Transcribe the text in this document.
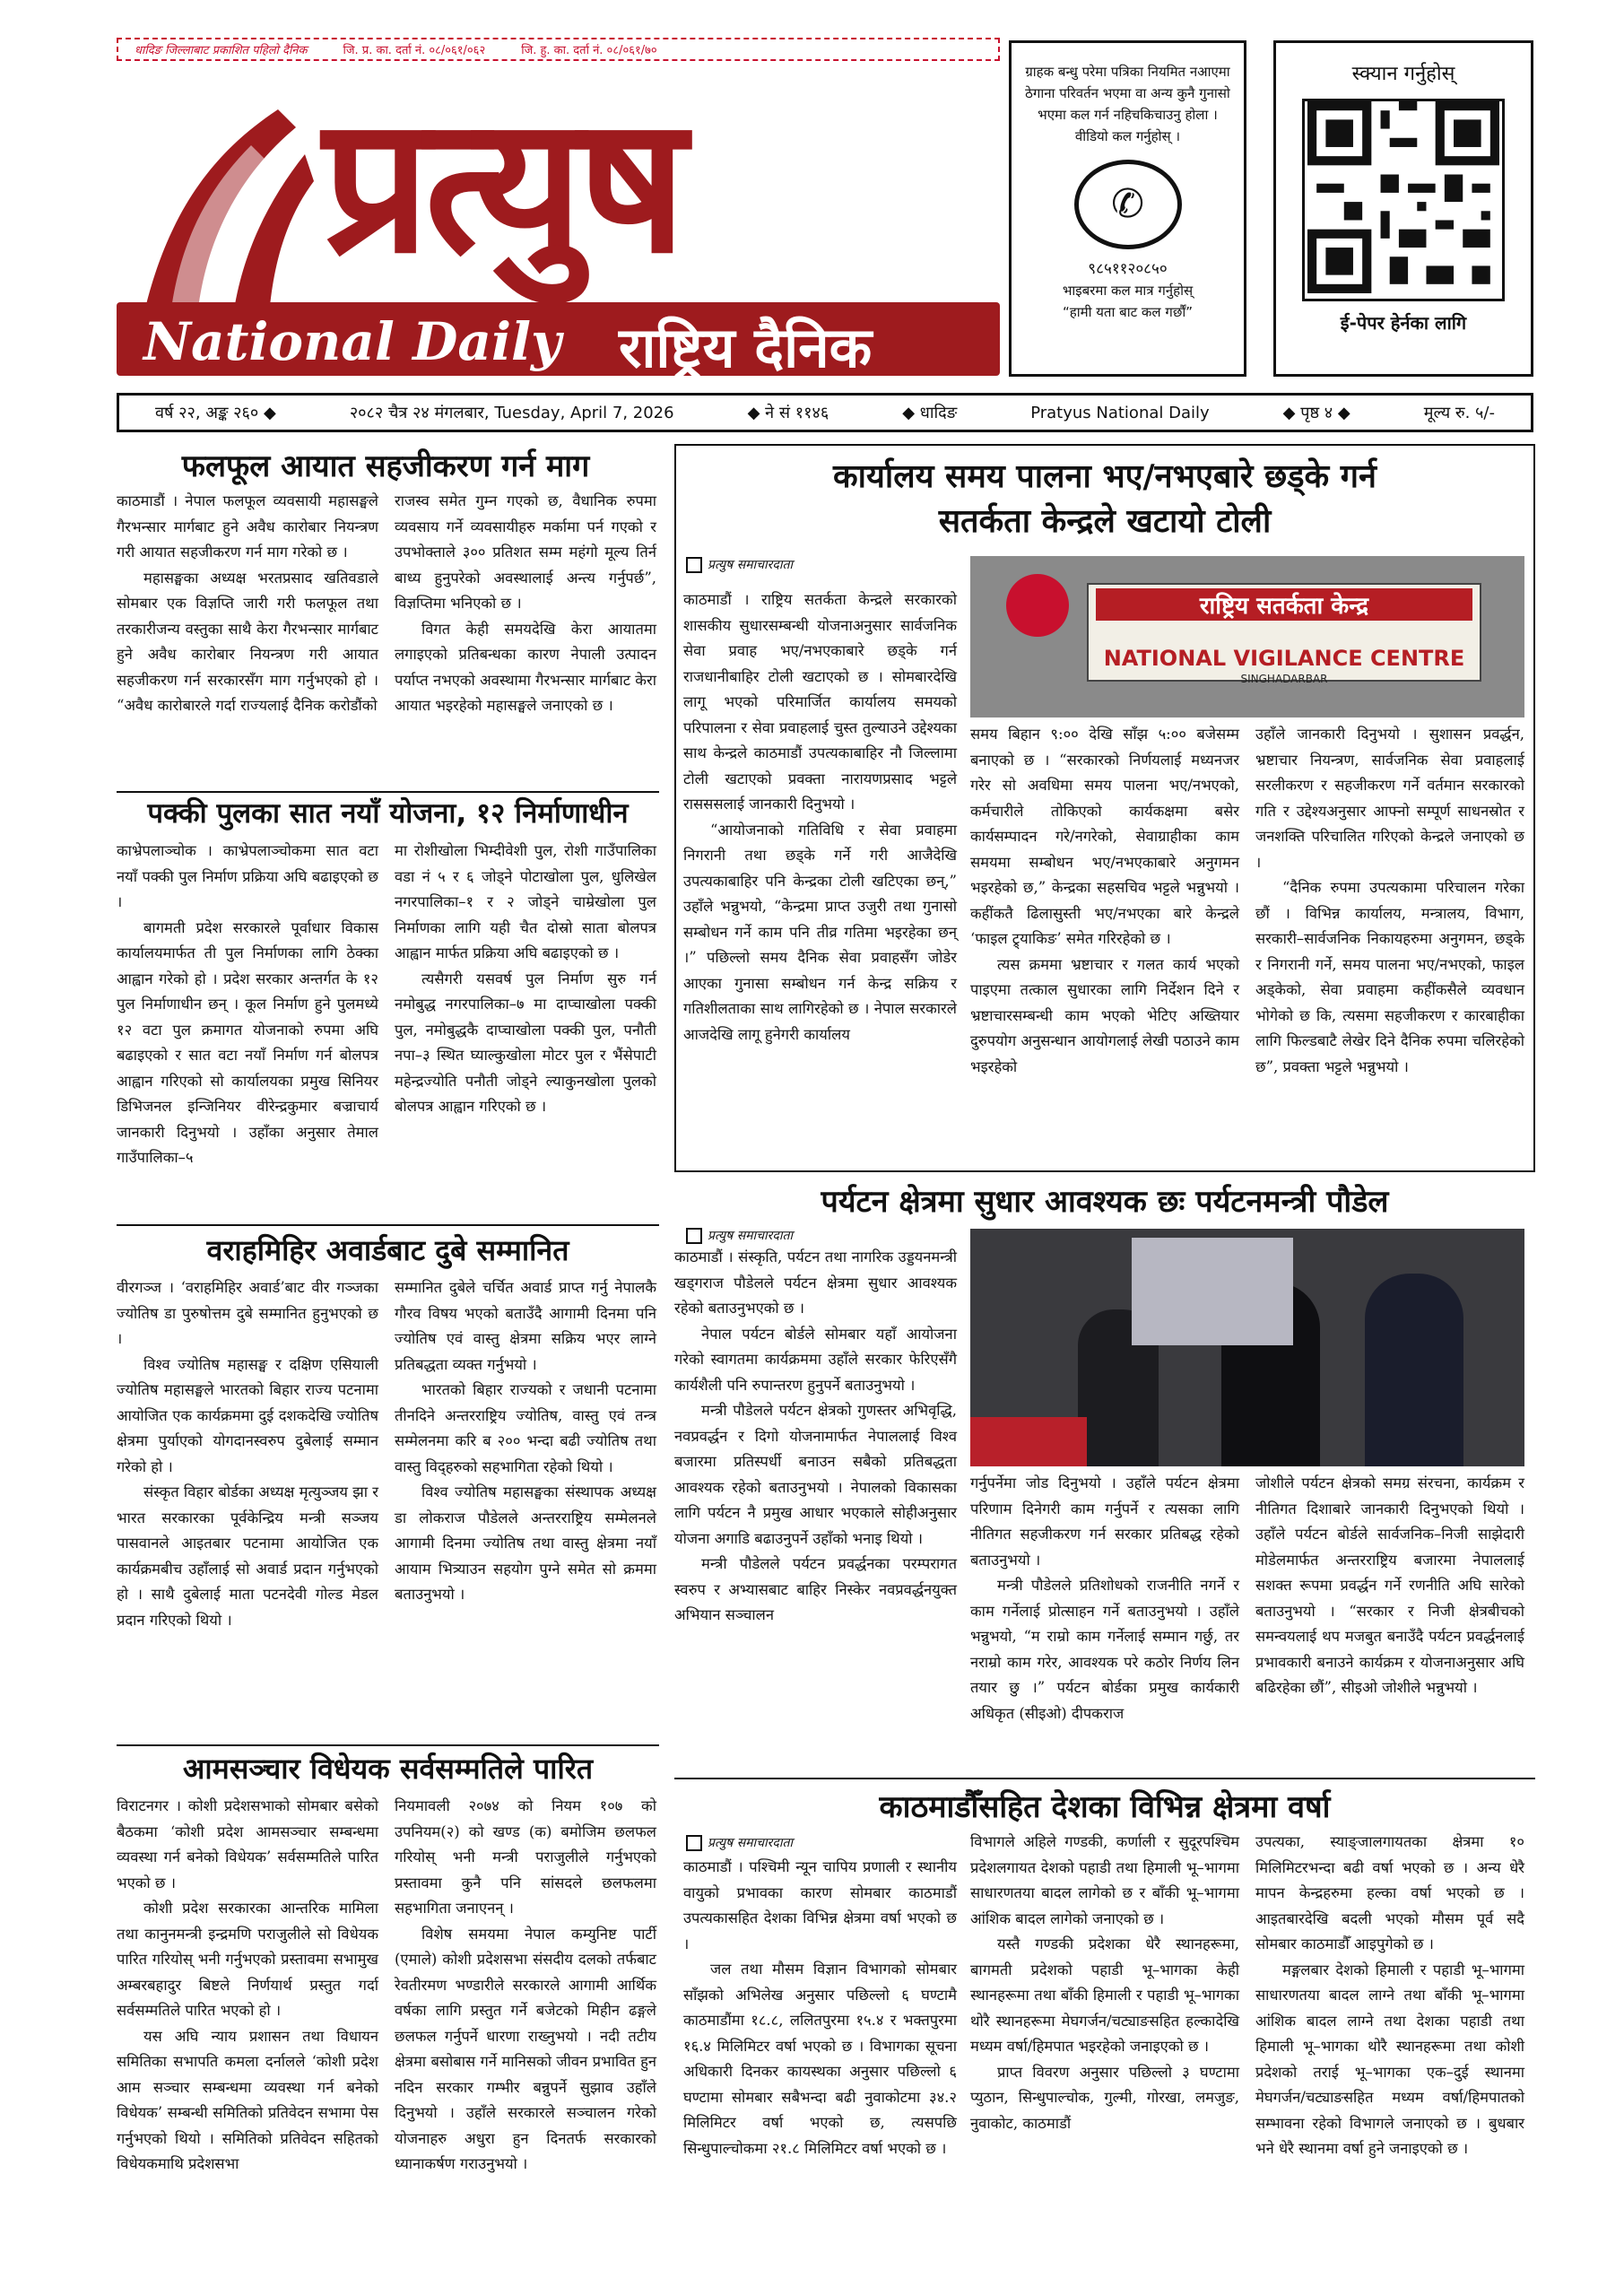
धादिङ जिल्लाबाट प्रकाशित पहिलो दैनिक	जि. प्र. का. दर्ता नं. ०८/०६१/०६२	जि. हु. का. दर्ता नं. ०८/०६१/७०
प्रत्युष
National Daily राष्ट्रिय दैनिक
ग्राहक बन्धु परेमा पत्रिका नियमित नआएमा ठेगाना परिवर्तन भएमा वा अन्य कुनै गुनासो भएमा कल गर्न नहिचकिचाउनु होला । वीडियो कल गर्नुहोस् ।
✆
९८५११२०८५०
भाइबरमा कल मात्र गर्नुहोस्
“हामी यता बाट कल गर्छौं”
स्क्यान गर्नुहोस्
ई-पेपर हेर्नका लागि
वर्ष २२, अङ्क २६० ◆	२०८२ चैत्र २४ मंगलबार, Tuesday, April 7, 2026	◆ ने सं ११४६	◆ धादिङ	Pratyus National Daily	◆ पृष्ठ ४ ◆	मूल्य रु. ५/-
फलफूल आयात सहजीकरण गर्न माग

काठमाडौं । नेपाल फलफूल व्यवसायी महासङ्घले गैरभन्सार मार्गबाट हुने अवैध कारोबार नियन्त्रण गरी आयात सहजीकरण गर्न माग गरेको छ ।

महासङ्घका अध्यक्ष भरतप्रसाद खतिवडाले सोमबार एक विज्ञप्ति जारी गरी फलफूल तथा तरकारीजन्य वस्तुका साथै केरा गैरभन्सार मार्गबाट हुने अवैध कारोबार नियन्त्रण गरी आयात सहजीकरण गर्न सरकारसँग माग गर्नुभएको हो । “अवैध कारोबारले गर्दा राज्यलाई दैनिक करोडौंको

राजस्व समेत गुम्न गएको छ, वैधानिक रुपमा व्यवसाय गर्ने व्यवसायीहरु मर्कामा पर्न गएको र उपभोक्ताले ३०० प्रतिशत सम्म महंगो मूल्य तिर्न बाध्य हुनुपरेको अवस्थालाई अन्त्य गर्नुपर्छ”, विज्ञप्तिमा भनिएको छ ।

विगत केही समयदेखि केरा आयातमा लगाइएको प्रतिबन्धका कारण नेपाली उत्पादन पर्याप्त नभएको अवस्थामा गैरभन्सार मार्गबाट केरा आयात भइरहेको महासङ्घले जनाएको छ ।

पक्की पुलका सात नयाँ योजना, १२ निर्माणाधीन

काभ्रेपलाञ्चोक । काभ्रेपलाञ्चोकमा सात वटा नयाँ पक्की पुल निर्माण प्रक्रिया अघि बढाइएको छ ।

बागमती प्रदेश सरकारले पूर्वाधार विकास कार्यालयमार्फत ती पुल निर्माणका लागि ठेक्का आह्वान गरेको हो । प्रदेश सरकार अन्तर्गत के १२ पुल निर्माणाधीन छन् । कूल निर्माण हुने पुलमध्ये १२ वटा पुल क्रमागत योजनाको रुपमा अघि बढाइएको र सात वटा नयाँ निर्माण गर्न बोलपत्र आह्वान गरिएको सो कार्यालयका प्रमुख सिनियर डिभिजनल इन्जिनियर वीरेन्द्रकुमार बज्राचार्य जानकारी दिनुभयो । उहाँका अनुसार तेमाल गाउँपालिका–५

मा रोशीखोला भिम्दीवेशी पुल, रोशी गाउँपालिका वडा नं ५ र ६ जोड्ने पोटाखोला पुल, धुलिखेल नगरपालिका–१ र २ जोड्ने चाम्रेखोला पुल निर्माणका लागि यही चैत दोस्रो साता बोलपत्र आह्वान मार्फत प्रक्रिया अघि बढाइएको छ ।

त्यसैगरी यसवर्ष पुल निर्माण सुरु गर्न नमोबुद्ध नगरपालिका–७ मा दाप्चाखोला पक्की पुल, नमोबुद्धकै दाप्चाखोला पक्की पुल, पनौती नपा–३ स्थित घ्याल्कुखोला मोटर पुल र भैंसेपाटी महेन्द्रज्योति पनौती जोड्ने ल्याकुनखोला पुलको बोलपत्र आह्वान गरिएको छ ।

वराहमिहिर अवार्डबाट दुबे सम्मानित

वीरगञ्ज । ‘वराहमिहिर अवार्ड’बाट वीर गञ्जका ज्योतिष डा पुरुषोत्तम दुबे सम्मानित हुनुभएको छ ।

विश्व ज्योतिष महासङ्घ र दक्षिण एसियाली ज्योतिष महासङ्घले भारतको बिहार राज्य पटनामा आयोजित एक कार्यक्रममा दुई दशकदेखि ज्योतिष क्षेत्रमा पुर्याएको योगदानस्वरुप दुबेलाई सम्मान गरेको हो ।

संस्कृत विहार बोर्डका अध्यक्ष मृत्युञ्जय झा र भारत सरकारका पूर्वकेन्द्रिय मन्त्री सञ्जय पासवानले आइतबार पटनामा आयोजित एक कार्यक्रमबीच उहाँलाई सो अवार्ड प्रदान गर्नुभएको हो । साथै दुबेलाई माता पटनदेवी गोल्ड मेडल प्रदान गरिएको थियो ।

सम्मानित दुबेले चर्चित अवार्ड प्राप्त गर्नु नेपालकै गौरव विषय भएको बताउँदै आगामी दिनमा पनि ज्योतिष एवं वास्तु क्षेत्रमा सक्रिय भएर लाग्ने प्रतिबद्धता व्यक्त गर्नुभयो ।

भारतको बिहार राज्यको र जधानी पटनामा तीनदिने अन्तरराष्ट्रिय ज्योतिष, वास्तु एवं तन्त्र सम्मेलनमा करि ब २०० भन्दा बढी ज्योतिष तथा वास्तु विद्हरुको सहभागिता रहेको थियो ।

विश्व ज्योतिष महासङ्घका संस्थापक अध्यक्ष डा लोकराज पौडेलले अन्तरराष्ट्रिय सम्मेलनले आगामी दिनमा ज्योतिष तथा वास्तु क्षेत्रमा नयाँ आयाम भित्र्याउन सहयोग पुग्ने समेत सो क्रममा बताउनुभयो ।

आमसञ्चार विधेयक सर्वसम्मतिले पारित

विराटनगर । कोशी प्रदेशसभाको सोमबार बसेको बैठकमा ‘कोशी प्रदेश आमसञ्चार सम्बन्धमा व्यवस्था गर्न बनेको विधेयक’ सर्वसम्मतिले पारित भएको छ ।

कोशी प्रदेश सरकारका आन्तरिक मामिला तथा कानुनमन्त्री इन्द्रमणि पराजुलीले सो विधेयक पारित गरियोस् भनी गर्नुभएको प्रस्तावमा सभामुख अम्बरबहादुर बिष्टले निर्णयार्थ प्रस्तुत गर्दा सर्वसम्मतिले पारित भएको हो ।

यस अघि न्याय प्रशासन तथा विधायन समितिका सभापति कमला दर्नालले ‘कोशी प्रदेश आम सञ्चार सम्बन्धमा व्यवस्था गर्न बनेको विधेयक’ सम्बन्धी समितिको प्रतिवेदन सभामा पेस गर्नुभएको थियो । समितिको प्रतिवेदन सहितको विधेयकमाथि प्रदेशसभा

नियमावली २०७४ को नियम १०७ को उपनियम(२) को खण्ड (क) बमोजिम छलफल गरियोस् भनी मन्त्री पराजुलीले गर्नुभएको प्रस्तावमा कुनै पनि सांसदले छलफलमा सहभागिता जनाएनन् ।

विशेष समयमा नेपाल कम्युनिष्ट पार्टी (एमाले) कोशी प्रदेशसभा संसदीय दलको तर्फबाट रेवतीरमण भण्डारीले सरकारले आगामी आर्थिक वर्षका लागि प्रस्तुत गर्ने बजेटको मिहीन ढङ्गले छलफल गर्नुपर्ने धारणा राख्नुभयो । नदी तटीय क्षेत्रमा बसोबास गर्ने मानिसको जीवन प्रभावित हुन नदिन सरकार गम्भीर बन्नुपर्ने सुझाव उहाँले दिनुभयो । उहाँले सरकारले सञ्चालन गरेको योजनाहरु अधुरा हुन दिनतर्फ सरकारको ध्यानाकर्षण गराउनुभयो ।

कार्यालय समय पालना भए/नभएबारे छड्के गर्न
सतर्कता केन्द्रले खटायो टोली
प्रत्युष समाचारदाता
राष्ट्रिय सतर्कता केन्द्र
NATIONAL VIGILANCE CENTRE
SINGHADARBAR

काठमाडौं । राष्ट्रिय सतर्कता केन्द्रले सरकारको शासकीय सुधारसम्बन्धी योजनाअनुसार सार्वजनिक सेवा प्रवाह भए/नभएकाबारे छड्के गर्न राजधानीबाहिर टोली खटाएको छ । सोमबारदेखि लागू भएको परिमार्जित कार्यालय समयको परिपालना र सेवा प्रवाहलाई चुस्त तुल्याउने उद्देश्यका साथ केन्द्रले काठमाडौं उपत्यकाबाहिर नौ जिल्लामा टोली खटाएको प्रवक्ता नारायणप्रसाद भट्टले रासससलाई जानकारी दिनुभयो ।

“आयोजनाको गतिविधि र सेवा प्रवाहमा निगरानी तथा छड्के गर्ने गरी आजैदेखि उपत्यकाबाहिर पनि केन्द्रका टोली खटिएका छन्,” उहाँले भन्नुभयो, “केन्द्रमा प्राप्त उजुरी तथा गुनासो सम्बोधन गर्ने काम पनि तीव्र गतिमा भइरहेका छन् ।” पछिल्लो समय दैनिक सेवा प्रवाहसँग जोडेर आएका गुनासा सम्बोधन गर्न केन्द्र सक्रिय र गतिशीलताका साथ लागिरहेको छ । नेपाल सरकारले आजदेखि लागू हुनेगरी कार्यालय

समय बिहान ९:०० देखि साँझ ५:०० बजेसम्म बनाएको छ । “सरकारको निर्णयलाई मध्यनजर गरेर सो अवधिमा समय पालना भए/नभएको, कर्मचारीले तोकिएको कार्यकक्षमा बसेर कार्यसम्पादन गरे/नगरेको, सेवाग्राहीका काम समयमा सम्बोधन भए/नभएकाबारे अनुगमन भइरहेको छ,” केन्द्रका सहसचिव भट्टले भन्नुभयो । कहींकतै ढिलासुस्ती भए/नभएका बारे केन्द्रले ‘फाइल ट्र्याकिङ’ समेत गरिरहेको छ ।

त्यस क्रममा भ्रष्टाचार र गलत कार्य भएको पाइएमा तत्काल सुधारका लागि निर्देशन दिने र भ्रष्टाचारसम्बन्धी काम भएको भेटिए अख्तियार दुरुपयोग अनुसन्धान आयोगलाई लेखी पठाउने काम भइरहेको

उहाँले जानकारी दिनुभयो । सुशासन प्रवर्द्धन, भ्रष्टाचार नियन्त्रण, सार्वजनिक सेवा प्रवाहलाई सरलीकरण र सहजीकरण गर्ने वर्तमान सरकारको गति र उद्देश्यअनुसार आफ्नो सम्पूर्ण साधनस्रोत र जनशक्ति परिचालित गरिएको केन्द्रले जनाएको छ ।

“दैनिक रुपमा उपत्यकामा परिचालन गरेका छौं । विभिन्न कार्यालय, मन्त्रालय, विभाग, सरकारी–सार्वजनिक निकायहरुमा अनुगमन, छड्के र निगरानी गर्ने, समय पालना भए/नभएको, फाइल अड्केको, सेवा प्रवाहमा कहींकसैले व्यवधान भोगेको छ कि, त्यसमा सहजीकरण र कारबाहीका लागि फिल्डबाटै लेखेर दिने दैनिक रुपमा चलिरहेको छ”, प्रवक्ता भट्टले भन्नुभयो ।

पर्यटन क्षेत्रमा सुधार आवश्यक छः पर्यटनमन्त्री पौडेल
प्रत्युष समाचारदाता

काठमाडौं । संस्कृति, पर्यटन तथा नागरिक उड्डयनमन्त्री खड्गराज पौडेलले पर्यटन क्षेत्रमा सुधार आवश्यक रहेको बताउनुभएको छ ।

नेपाल पर्यटन बोर्डले सोमबार यहाँ आयोजना गरेको स्वागतमा कार्यक्रममा उहाँले सरकार फेरिएसँगै कार्यशैली पनि रुपान्तरण हुनुपर्ने बताउनुभयो ।

मन्त्री पौडेलले पर्यटन क्षेत्रको गुणस्तर अभिवृद्धि, नवप्रवर्द्धन र दिगो योजनामार्फत नेपाललाई विश्व बजारमा प्रतिस्पर्धी बनाउन सबैको प्रतिबद्धता आवश्यक रहेको बताउनुभयो । नेपालको विकासका लागि पर्यटन नै प्रमुख आधार भएकाले सोहीअनुसार योजना अगाडि बढाउनुपर्ने उहाँको भनाइ थियो ।

मन्त्री पौडेलले पर्यटन प्रवर्द्धनका परम्परागत स्वरुप र अभ्यासबाट बाहिर निस्केर नवप्रवर्द्धनयुक्त अभियान सञ्चालन

गर्नुपर्नेमा जोड दिनुभयो । उहाँले पर्यटन क्षेत्रमा परिणाम दिनेगरी काम गर्नुपर्ने र त्यसका लागि नीतिगत सहजीकरण गर्न सरकार प्रतिबद्ध रहेको बताउनुभयो ।

मन्त्री पौडेलले प्रतिशोधको राजनीति नगर्ने र काम गर्नेलाई प्रोत्साहन गर्ने बताउनुभयो । उहाँले भन्नुभयो, “म राम्रो काम गर्नेलाई सम्मान गर्छु, तर नराम्रो काम गरेर, आवश्यक परे कठोर निर्णय लिन तयार छु ।” पर्यटन बोर्डका प्रमुख कार्यकारी अधिकृत (सीइओ) दीपकराज

जोशीले पर्यटन क्षेत्रको समग्र संरचना, कार्यक्रम र नीतिगत दिशाबारे जानकारी दिनुभएको थियो । उहाँले पर्यटन बोर्डले सार्वजनिक–निजी साझेदारी मोडेलमार्फत अन्तरराष्ट्रिय बजारमा नेपाललाई सशक्त रूपमा प्रवर्द्धन गर्ने रणनीति अघि सारेको बताउनुभयो । “सरकार र निजी क्षेत्रबीचको समन्वयलाई थप मजबुत बनाउँदै पर्यटन प्रवर्द्धनलाई प्रभावकारी बनाउने कार्यक्रम र योजनाअनुसार अघि बढिरहेका छौं”, सीइओ जोशीले भन्नुभयो ।

काठमाडौँसहित देशका विभिन्न क्षेत्रमा वर्षा
प्रत्युष समाचारदाता

काठमाडौं । पश्चिमी न्यून चापिय प्रणाली र स्थानीय वायुको प्रभावका कारण सोमबार काठमाडौं उपत्यकासहित देशका विभिन्न क्षेत्रमा वर्षा भएको छ ।

जल तथा मौसम विज्ञान विभागको सोमबार साँझको अभिलेख अनुसार पछिल्लो ६ घण्टामै काठमाडौंमा १८.८, ललितपुरमा १५.४ र भक्तपुरमा १६.४ मिलिमिटर वर्षा भएको छ । विभागका सूचना अधिकारी दिनकर कायस्थका अनुसार पछिल्लो ६ घण्टामा सोमबार सबैभन्दा बढी नुवाकोटमा ३४.२ मिलिमिटर वर्षा भएको छ, त्यसपछि सिन्धुपाल्चोकमा २१.८ मिलिमिटर वर्षा भएको छ ।

विभागले अहिले गण्डकी, कर्णाली र सुदूरपश्चिम प्रदेशलगायत देशको पहाडी तथा हिमाली भू–भागमा साधारणतया बादल लागेको छ र बाँकी भू–भागमा आंशिक बादल लागेको जनाएको छ ।

यस्तै गण्डकी प्रदेशका धेरै स्थानहरूमा, बागमती प्रदेशको पहाडी भू–भागका केही स्थानहरूमा तथा बाँकी हिमाली र पहाडी भू–भागका थोरै स्थानहरूमा मेघगर्जन/चट्याङसहित हल्कादेखि मध्यम वर्षा/हिमपात भइरहेको जनाइएको छ ।

प्राप्त विवरण अनुसार पछिल्लो ३ घण्टामा प्युठान, सिन्धुपाल्चोक, गुल्मी, गोरखा, लमजुङ, नुवाकोट, काठमाडौं

उपत्यका, स्याङ्जालगायतका क्षेत्रमा १० मिलिमिटरभन्दा बढी वर्षा भएको छ । अन्य धेरै मापन केन्द्रहरुमा हल्का वर्षा भएको छ । आइतबारदेखि बदली भएको मौसम पूर्व सदै सोमबार काठमाडौँ आइपुगेको छ ।

मङ्गलबार देशको हिमाली र पहाडी भू–भागमा साधारणतया बादल लाग्ने तथा बाँकी भू–भागमा आंशिक बादल लाग्ने तथा देशका पहाडी तथा हिमाली भू–भागका थोरै स्थानहरूमा तथा कोशी प्रदेशको तराई भू–भागका एक–दुई स्थानमा मेघगर्जन/चट्याङसहित मध्यम वर्षा/हिमपातको सम्भावना रहेको विभागले जनाएको छ । बुधबार भने धेरै स्थानमा वर्षा हुने जनाइएको छ ।
